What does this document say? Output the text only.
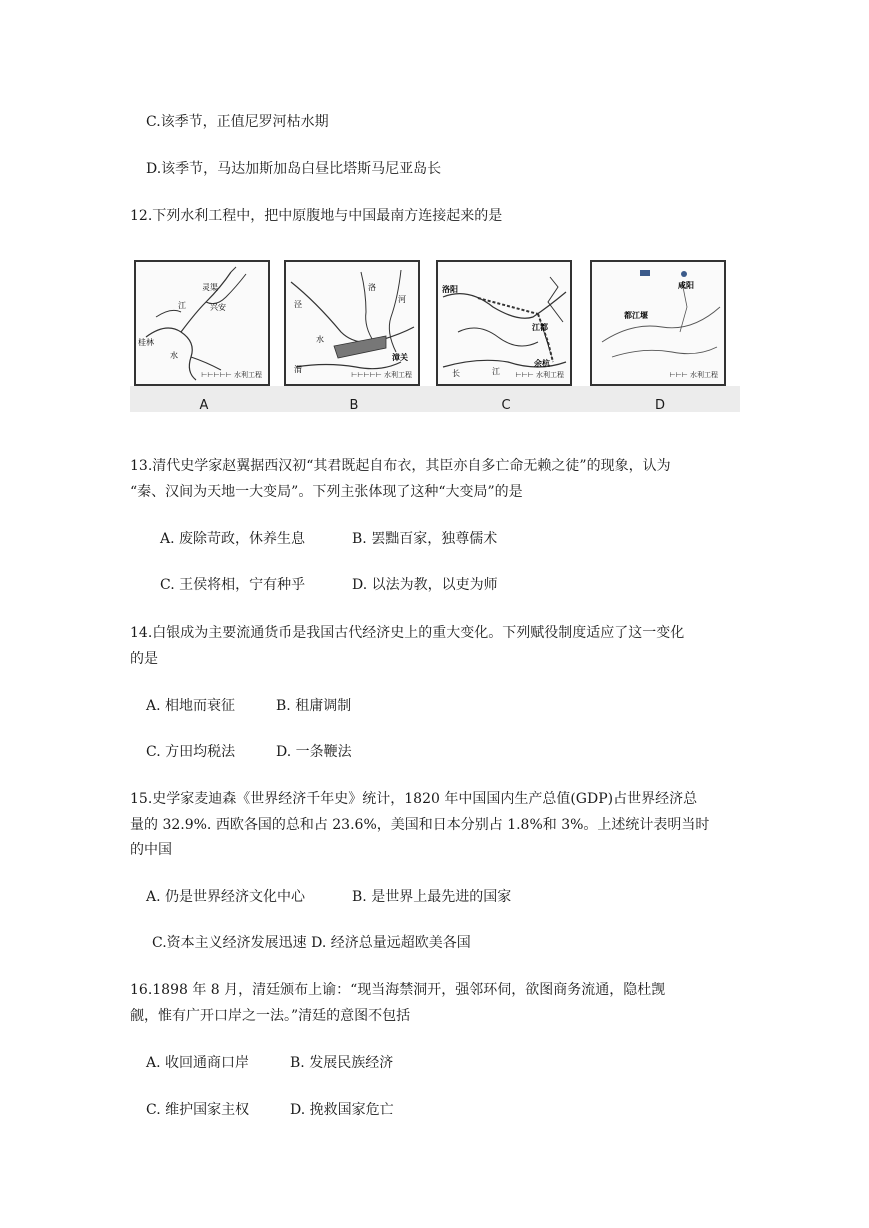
C.该季节，正值尼罗河枯水期
D.该季节，马达加斯加岛白昼比塔斯马尼亚岛长
12.下列水利工程中，把中原腹地与中国最南方连接起来的是
灵渠
兴安
桂林
江
水
⊢⊢⊢⊢⊢ 水利工程
A
泾
洛
河
水
渭
漳关
⊢⊢⊢⊢⊢ 水利工程
B
洛阳
江都
余杭
长	江 ⊢⊢⊢ 水利工程
C
咸阳
都江堰
⊢⊢⊢ 水利工程
D
13.清代史学家赵翼据西汉初“其君既起自布衣，其臣亦自多亡命无赖之徒”的现象，认为
“秦、汉间为天地一大变局”。下列主张体现了这种“大变局”的是
A. 废除苛政，休养生息	B. 罢黜百家，独尊儒术
C. 王侯将相，宁有种乎	D. 以法为教，以吏为师
14.白银成为主要流通货币是我国古代经济史上的重大变化。下列赋役制度适应了这一变化
的是
A. 相地而衰征	B. 租庸调制
C. 方田均税法	D. 一条鞭法
15.史学家麦迪森《世界经济千年史》统计，1820 年中国国内生产总值(GDP)占世界经济总
量的 32.9%. 西欧各国的总和占 23.6%，美国和日本分别占 1.8%和 3%。上述统计表明当时
的中国
A. 仍是世界经济文化中心	B. 是世界上最先进的国家
C.资本主义经济发展迅速 D. 经济总量远超欧美各国
16.1898 年 8 月，清廷颁布上谕：“现当海禁洞开，强邻环伺，欲图商务流通，隐杜觊
觎，惟有广开口岸之一法。”清廷的意图不包括
A. 收回通商口岸	B. 发展民族经济
C. 维护国家主权	D. 挽救国家危亡
